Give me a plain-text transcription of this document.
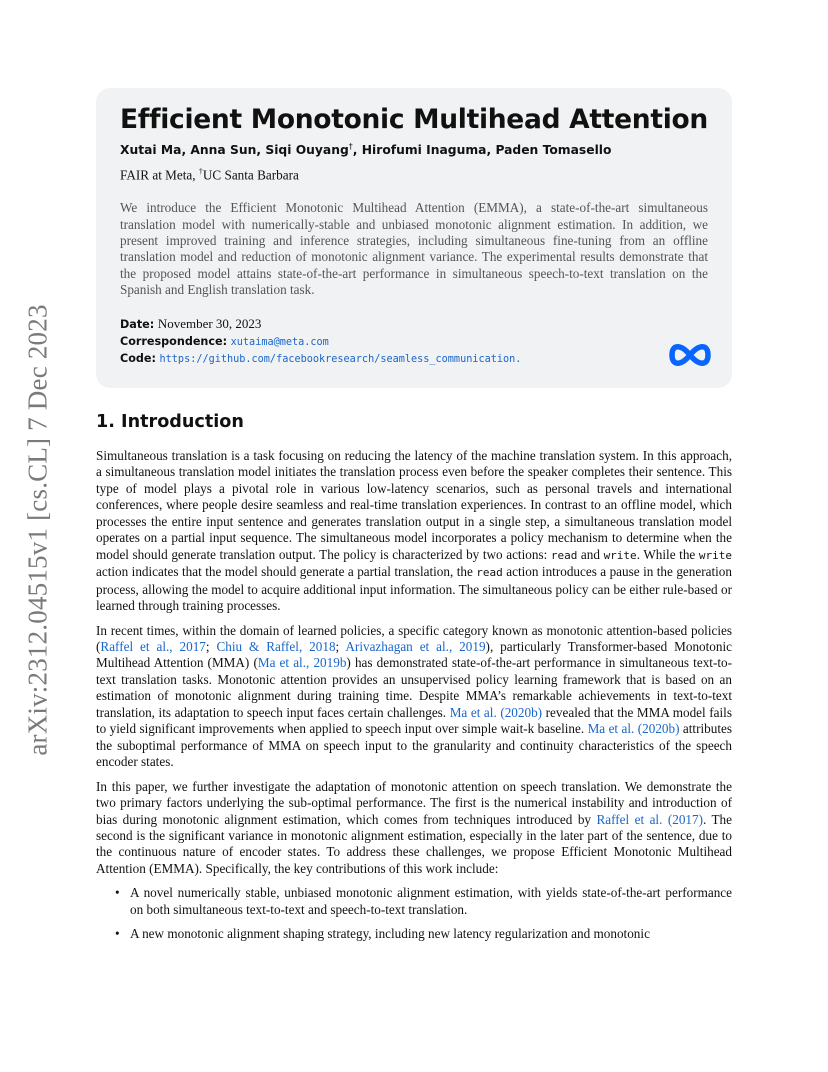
arXiv:2312.04515v1 [cs.CL] 7 Dec 2023
Efficient Monotonic Multihead Attention
Xutai Ma, Anna Sun, Siqi Ouyang†, Hirofumi Inaguma, Paden Tomasello
FAIR at Meta, †UC Santa Barbara
We introduce the Efficient Monotonic Multihead Attention (EMMA), a state-of-the-art simultaneous translation model with numerically-stable and unbiased monotonic alignment estimation. In addition, we present improved training and inference strategies, including simultaneous fine-tuning from an offline translation model and reduction of monotonic alignment variance. The experimental results demonstrate that the proposed model attains state-of-the-art performance in simultaneous speech-to-text translation on the Spanish and English translation task.
Date: November 30, 2023
Correspondence: xutaima@meta.com
Code: https://github.com/facebookresearch/seamless_communication.
1. Introduction

Simultaneous translation is a task focusing on reducing the latency of the machine translation system. In this approach, a simultaneous translation model initiates the translation process even before the speaker completes their sentence. This type of model plays a pivotal role in various low-latency scenarios, such as personal travels and international conferences, where people desire seamless and real-time translation experiences. In contrast to an offline model, which processes the entire input sentence and generates translation output in a single step, a simultaneous translation model operates on a partial input sequence. The simultaneous model incorporates a policy mechanism to determine when the model should generate translation output. The policy is characterized by two actions: read and write. While the write action indicates that the model should generate a partial translation, the read action introduces a pause in the generation process, allowing the model to acquire additional input information. The simultaneous policy can be either rule-based or learned through training processes.

In recent times, within the domain of learned policies, a specific category known as monotonic attention-based policies (Raffel et al., 2017; Chiu & Raffel, 2018; Arivazhagan et al., 2019), particularly Transformer-based Monotonic Multihead Attention (MMA) (Ma et al., 2019b) has demonstrated state-of-the-art performance in simultaneous text-to-text translation tasks. Monotonic attention provides an unsupervised policy learning framework that is based on an estimation of monotonic alignment during training time. Despite MMA’s remarkable achievements in text-to-text translation, its adaptation to speech input faces certain challenges. Ma et al. (2020b) revealed that the MMA model fails to yield significant improvements when applied to speech input over simple wait-k baseline. Ma et al. (2020b) attributes the suboptimal performance of MMA on speech input to the granularity and continuity characteristics of the speech encoder states.

In this paper, we further investigate the adaptation of monotonic attention on speech translation. We demonstrate the two primary factors underlying the sub-optimal performance. The first is the numerical instability and introduction of bias during monotonic alignment estimation, which comes from techniques introduced by Raffel et al. (2017). The second is the significant variance in monotonic alignment estimation, especially in the later part of the sentence, due to the continuous nature of encoder states. To address these challenges, we propose Efficient Monotonic Multihead Attention (EMMA). Specifically, the key contributions of this work include:

• A novel numerically stable, unbiased monotonic alignment estimation, with yields state-of-the-art performance on both simultaneous text-to-text and speech-to-text translation.
• A new monotonic alignment shaping strategy, including new latency regularization and monotonic
